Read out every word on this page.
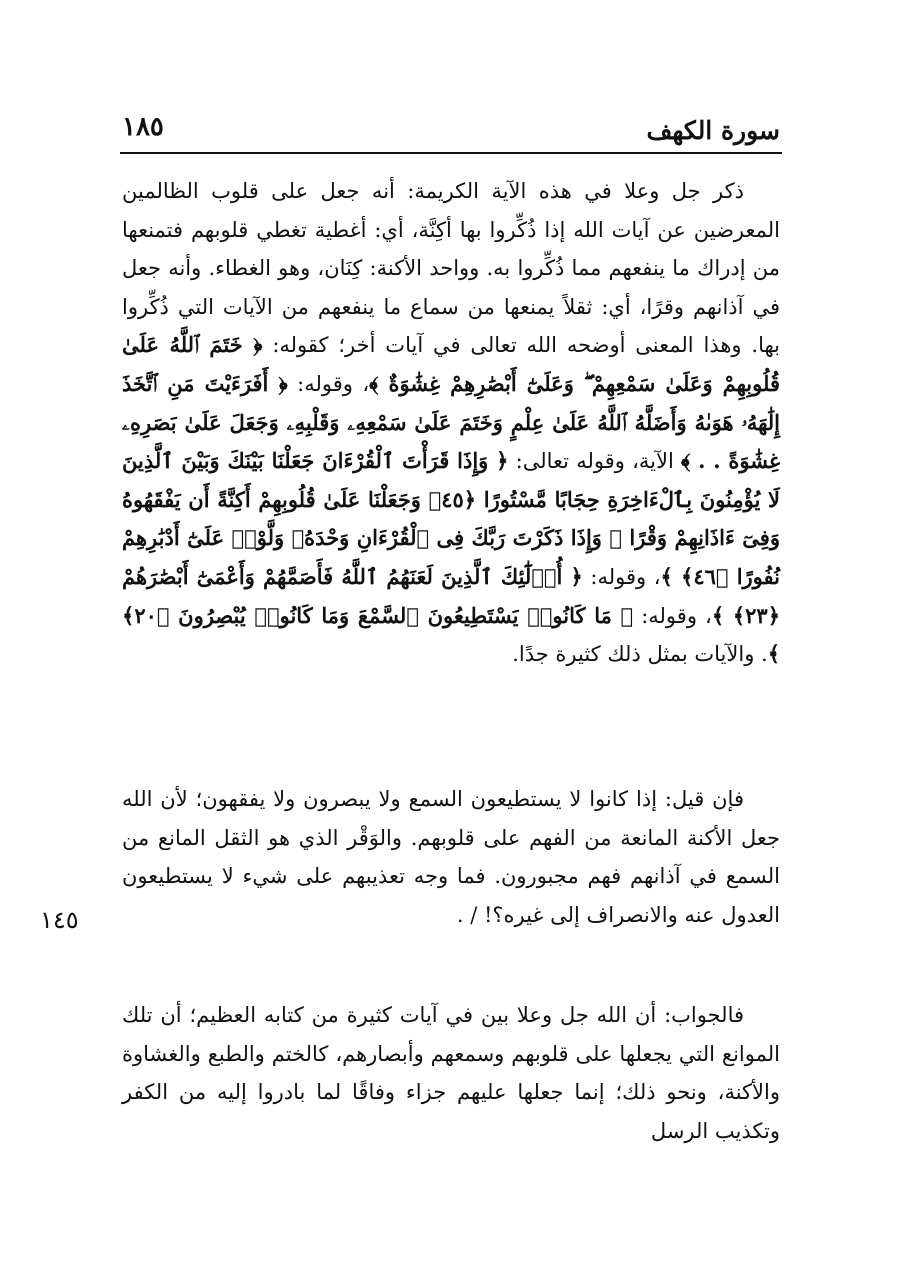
سورة الكهف
١٨٥

ذكر جل وعلا في هذه الآية الكريمة: أنه جعل على قلوب الظالمين المعرضين عن آيات الله إذا ذُكِّروا بها أكِنَّة، أي: أغطية تغطي قلوبهم فتمنعها من إدراك ما ينفعهم مما ذُكِّروا به. وواحد الأكنة: كِنَان، وهو الغطاء. وأنه جعل في آذانهم وقرًا، أي: ثقلاً يمنعها من سماع ما ينفعهم من الآيات التي ذُكِّروا بها. وهذا المعنى أوضحه الله تعالى في آيات أخر؛ كقوله: ﴿ خَتَمَ ٱللَّهُ عَلَىٰ قُلُوبِهِمْ وَعَلَىٰ سَمْعِهِمْ ۖ وَعَلَىٰٓ أَبْصَٰرِهِمْ غِشَٰوَةٌ ﴾، وقوله: ﴿ أَفَرَءَيْتَ مَنِ ٱتَّخَذَ إِلَٰهَهُۥ هَوَىٰهُ وَأَضَلَّهُ ٱللَّهُ عَلَىٰ عِلْمٍ وَخَتَمَ عَلَىٰ سَمْعِهِۦ وَقَلْبِهِۦ وَجَعَلَ عَلَىٰ بَصَرِهِۦ غِشَٰوَةً . . ﴾ الآية، وقوله تعالى: ﴿ وَإِذَا قَرَأْتَ ٱلْقُرْءَانَ جَعَلْنَا بَيْنَكَ وَبَيْنَ ٱلَّذِينَ لَا يُؤْمِنُونَ بِٱلْءَاخِرَةِ حِجَابًا مَّسْتُورًا ﴿٤٥﴾ وَجَعَلْنَا عَلَىٰ قُلُوبِهِمْ أَكِنَّةً أَن يَفْقَهُوهُ وَفِىٓ ءَاذَانِهِمْ وَقْرًا ۚ وَإِذَا ذَكَرْتَ رَبَّكَ فِى ٱلْقُرْءَانِ وَحْدَهُۥ وَلَّوْا۟ عَلَىٰٓ أَدْبَٰرِهِمْ نُفُورًا ﴿٤٦﴾ ﴾، وقوله: ﴿ أُو۟لَٰٓئِكَ ٱلَّذِينَ لَعَنَهُمُ ٱللَّهُ فَأَصَمَّهُمْ وَأَعْمَىٰٓ أَبْصَٰرَهُمْ ﴿٢٣﴾ ﴾، وقوله: ﴿ مَا كَانُوا۟ يَسْتَطِيعُونَ ٱلسَّمْعَ وَمَا كَانُوا۟ يُبْصِرُونَ ﴿٢٠﴾ ﴾. والآيات بمثل ذلك كثيرة جدًا.

فإن قيل: إذا كانوا لا يستطيعون السمع ولا يبصرون ولا يفقهون؛ لأن الله جعل الأكنة المانعة من الفهم على قلوبهم. والوَقْر الذي هو الثقل المانع من السمع في آذانهم فهم مجبورون. فما وجه تعذيبهم على شيء لا يستطيعون العدول عنه والانصراف إلى غيره؟! / .

١٤٥

فالجواب: أن الله جل وعلا بين في آيات كثيرة من كتابه العظيم؛ أن تلك الموانع التي يجعلها على قلوبهم وسمعهم وأبصارهم، كالختم والطبع والغشاوة والأكنة، ونحو ذلك؛ إنما جعلها عليهم جزاء وفاقًا لما بادروا إليه من الكفر وتكذيب الرسل
